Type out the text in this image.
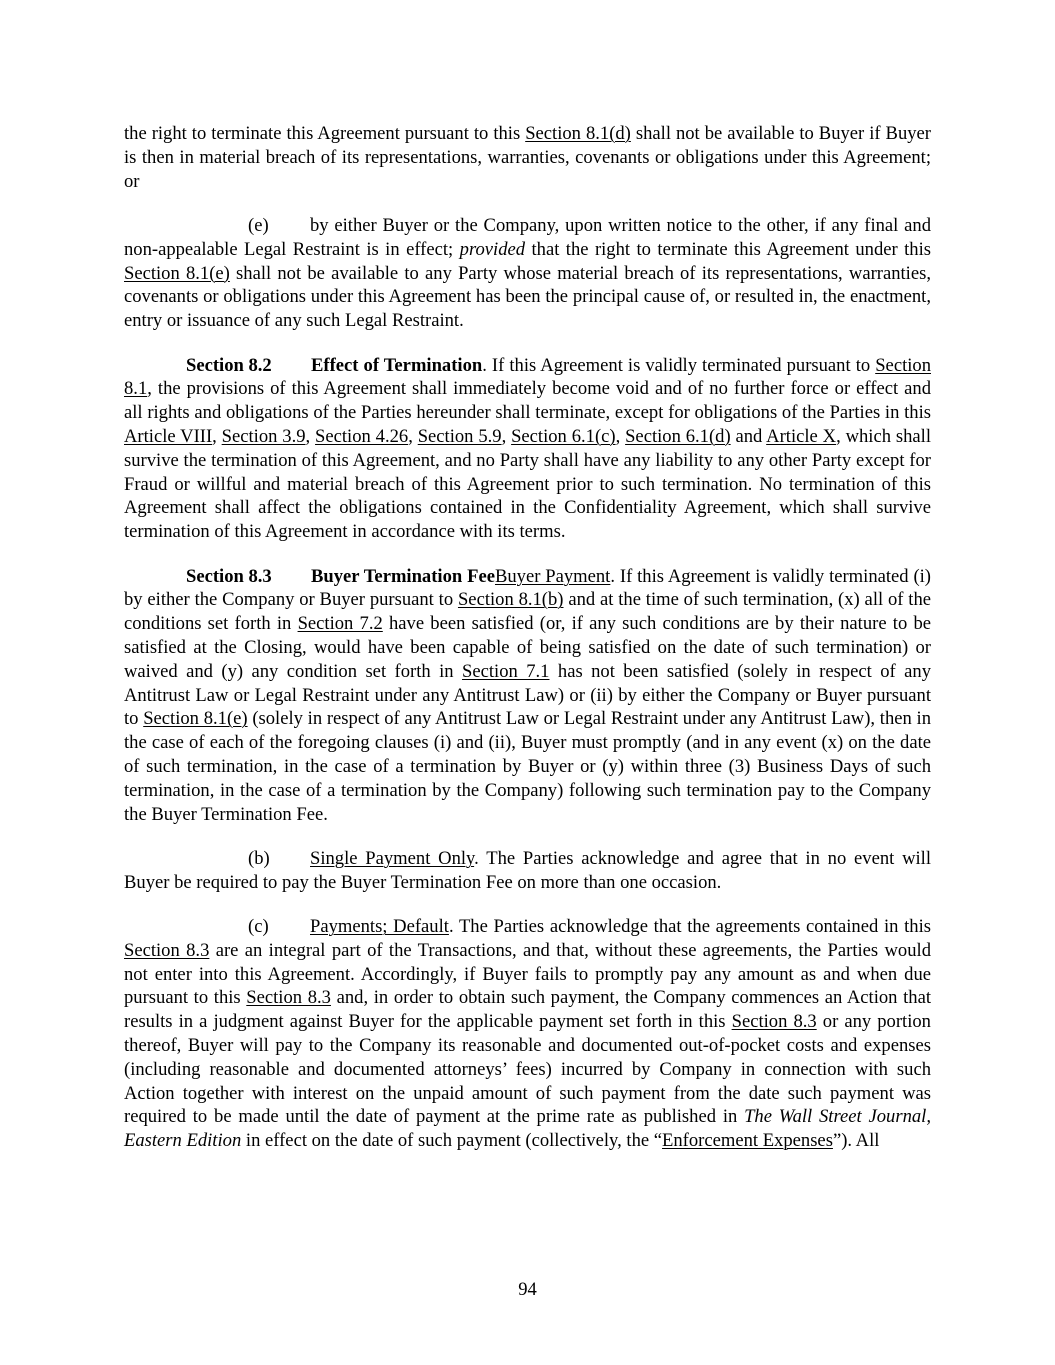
the right to terminate this Agreement pursuant to this Section 8.1(d) shall not be available to Buyer if Buyer is then in material breach of its representations, warranties, covenants or obligations under this Agreement; or

(e) by either Buyer or the Company, upon written notice to the other, if any final and non-appealable Legal Restraint is in effect; provided that the right to terminate this Agreement under this Section 8.1(e) shall not be available to any Party whose material breach of its representations, warranties, covenants or obligations under this Agreement has been the principal cause of, or resulted in, the enactment, entry or issuance of any such Legal Restraint.

Section 8.2 Effect of Termination. If this Agreement is validly terminated pursuant to Section 8.1, the provisions of this Agreement shall immediately become void and of no further force or effect and all rights and obligations of the Parties hereunder shall terminate, except for obligations of the Parties in this Article VIII, Section 3.9, Section 4.26, Section 5.9, Section 6.1(c), Section 6.1(d) and Article X, which shall survive the termination of this Agreement, and no Party shall have any liability to any other Party except for Fraud or willful and material breach of this Agreement prior to such termination. No termination of this Agreement shall affect the obligations contained in the Confidentiality Agreement, which shall survive termination of this Agreement in accordance with its terms.

Section 8.3 Buyer Termination FeeBuyer Payment. If this Agreement is validly terminated (i) by either the Company or Buyer pursuant to Section 8.1(b) and at the time of such termination, (x) all of the conditions set forth in Section 7.2 have been satisfied (or, if any such conditions are by their nature to be satisfied at the Closing, would have been capable of being satisfied on the date of such termination) or waived and (y) any condition set forth in Section 7.1 has not been satisfied (solely in respect of any Antitrust Law or Legal Restraint under any Antitrust Law) or (ii) by either the Company or Buyer pursuant to Section 8.1(e) (solely in respect of any Antitrust Law or Legal Restraint under any Antitrust Law), then in the case of each of the foregoing clauses (i) and (ii), Buyer must promptly (and in any event (x) on the date of such termination, in the case of a termination by Buyer or (y) within three (3) Business Days of such termination, in the case of a termination by the Company) following such termination pay to the Company the Buyer Termination Fee.

(b) Single Payment Only. The Parties acknowledge and agree that in no event will Buyer be required to pay the Buyer Termination Fee on more than one occasion.

(c) Payments; Default. The Parties acknowledge that the agreements contained in this Section 8.3 are an integral part of the Transactions, and that, without these agreements, the Parties would not enter into this Agreement. Accordingly, if Buyer fails to promptly pay any amount as and when due pursuant to this Section 8.3 and, in order to obtain such payment, the Company commences an Action that results in a judgment against Buyer for the applicable payment set forth in this Section 8.3 or any portion thereof, Buyer will pay to the Company its reasonable and documented out-of-pocket costs and expenses (including reasonable and documented attorneys’ fees) incurred by Company in connection with such Action together with interest on the unpaid amount of such payment from the date such payment was required to be made until the date of payment at the prime rate as published in The Wall Street Journal, Eastern Edition in effect on the date of such payment (collectively, the “Enforcement Expenses”). All

94
